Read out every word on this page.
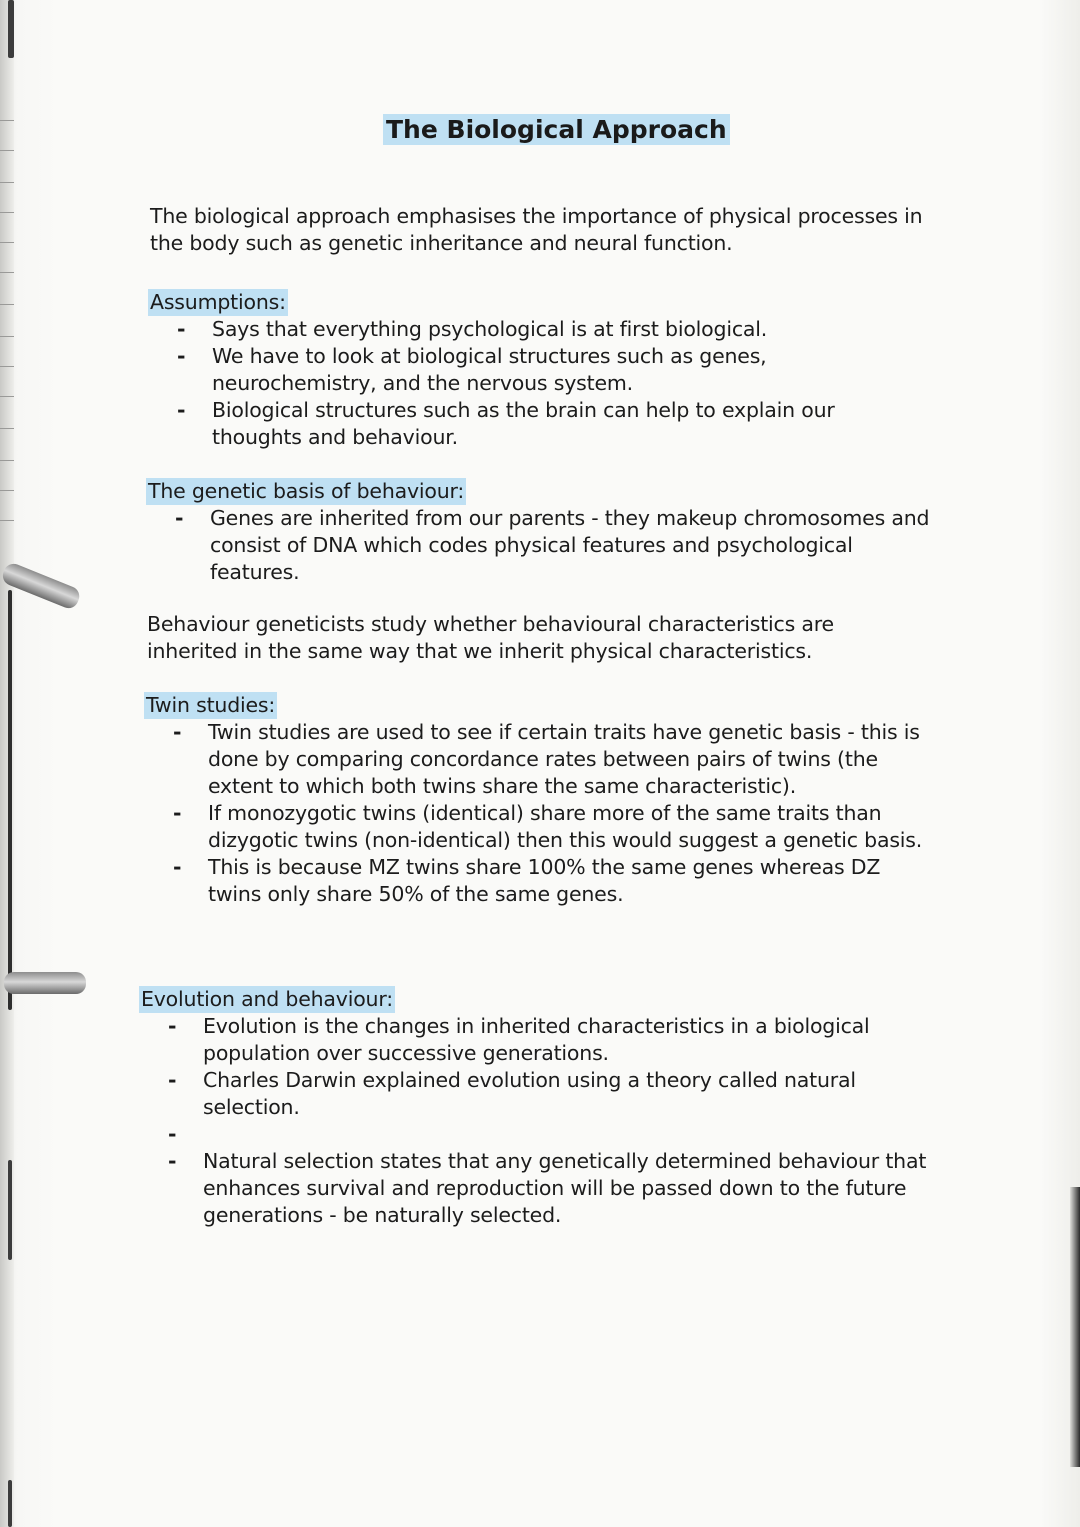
The Biological Approach

The biological approach emphasises the importance of physical processes in the body such as genetic inheritance and neural function.

Assumptions:
- Says that everything psychological is at first biological.
- We have to look at biological structures such as genes, neurochemistry, and the nervous system.
- Biological structures such as the brain can help to explain our thoughts and behaviour.
The genetic basis of behaviour:
- Genes are inherited from our parents - they makeup chromosomes and consist of DNA which codes physical features and psychological features.

Behaviour geneticists study whether behavioural characteristics are inherited in the same way that we inherit physical characteristics.

Twin studies:
- Twin studies are used to see if certain traits have genetic basis - this is done by comparing concordance rates between pairs of twins (the extent to which both twins share the same characteristic).
- If monozygotic twins (identical) share more of the same traits than dizygotic twins (non-identical) then this would suggest a genetic basis.
- This is because MZ twins share 100% the same genes whereas DZ twins only share 50% of the same genes.
Evolution and behaviour:
- Evolution is the changes in inherited characteristics in a biological population over successive generations.
- Charles Darwin explained evolution using a theory called natural selection.
-
- Natural selection states that any genetically determined behaviour that enhances survival and reproduction will be passed down to the future generations - be naturally selected.
